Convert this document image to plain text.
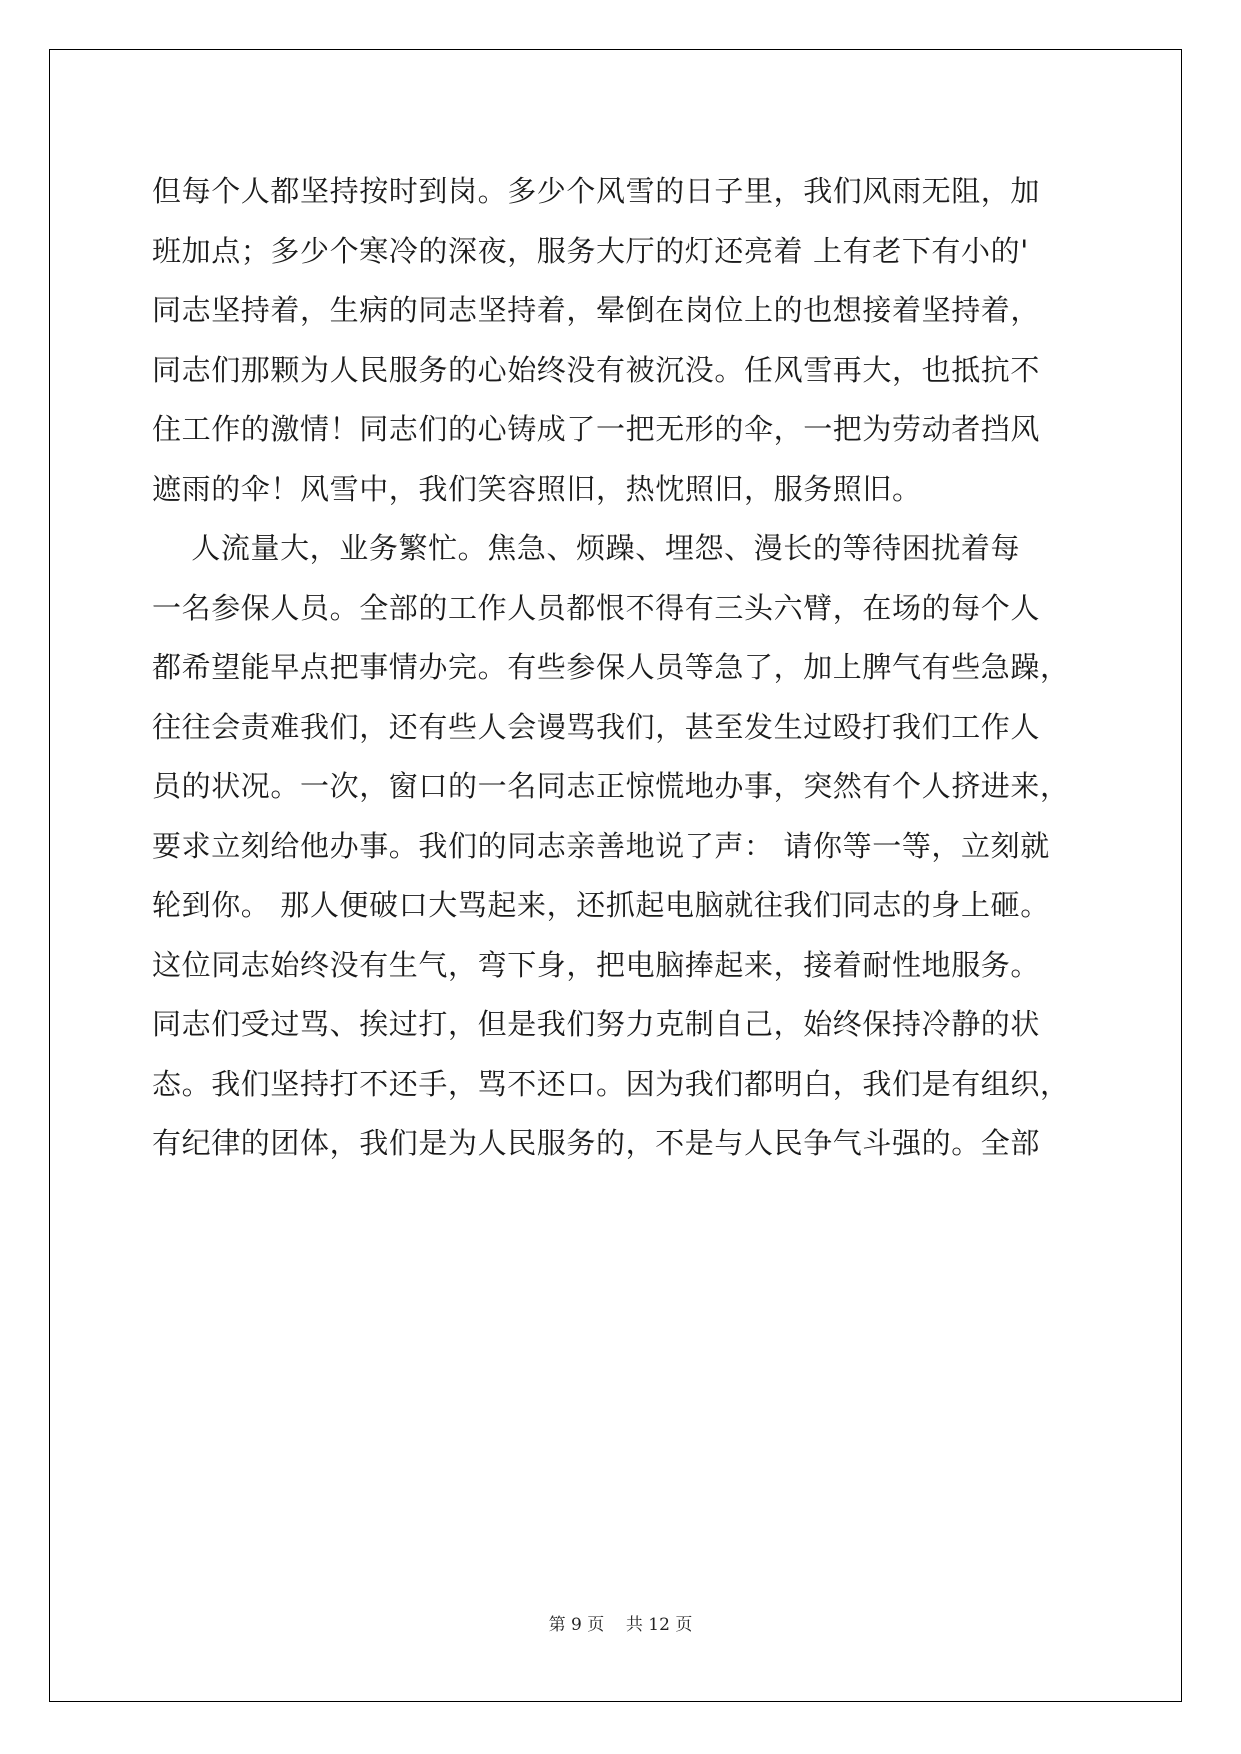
但每个人都坚持按时到岗。多少个风雪的日子里，我们风雨无阻，加
班加点；多少个寒冷的深夜，服务大厅的灯还亮着 上有老下有小的'
同志坚持着，生病的同志坚持着，晕倒在岗位上的也想接着坚持着，
同志们那颗为人民服务的心始终没有被沉没。任风雪再大，也抵抗不
住工作的激情！同志们的心铸成了一把无形的伞，一把为劳动者挡风
遮雨的伞！风雪中，我们笑容照旧，热忱照旧，服务照旧。
人流量大，业务繁忙。焦急、烦躁、埋怨、漫长的等待困扰着每
一名参保人员。全部的工作人员都恨不得有三头六臂，在场的每个人
都希望能早点把事情办完。有些参保人员等急了，加上脾气有些急躁，
往往会责难我们，还有些人会谩骂我们，甚至发生过殴打我们工作人
员的状况。一次，窗口的一名同志正惊慌地办事，突然有个人挤进来，
要求立刻给他办事。我们的同志亲善地说了声： 请你等一等，立刻就
轮到你。 那人便破口大骂起来，还抓起电脑就往我们同志的身上砸。
这位同志始终没有生气，弯下身，把电脑捧起来，接着耐性地服务。
同志们受过骂、挨过打，但是我们努力克制自己，始终保持冷静的状
态。我们坚持打不还手，骂不还口。因为我们都明白，我们是有组织，
有纪律的团体，我们是为人民服务的，不是与人民争气斗强的。全部
第 9 页    共 12 页
